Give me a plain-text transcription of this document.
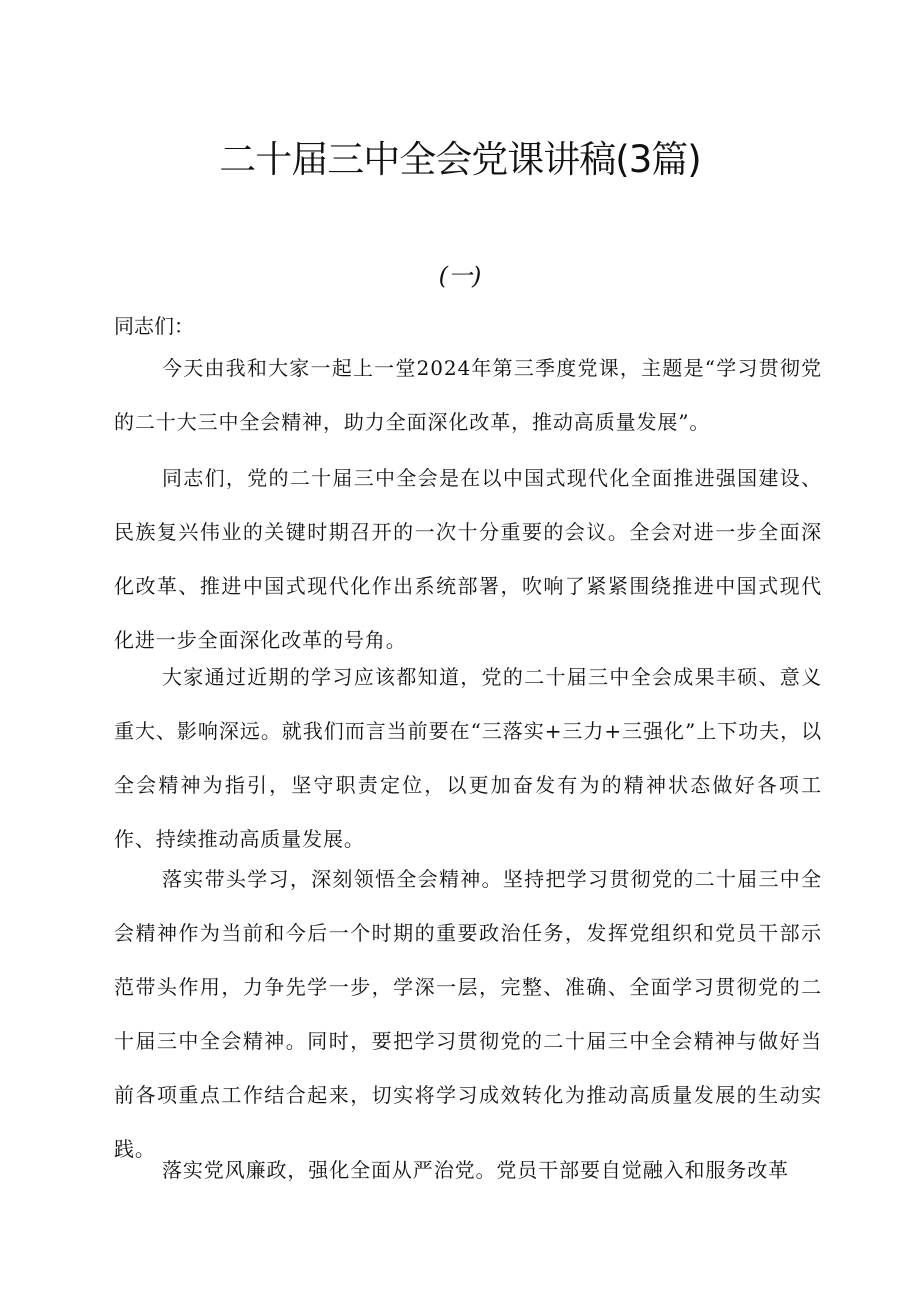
二十届三中全会党课讲稿(3篇)
(一)

同志们：

今天由我和大家一起上一堂2024年第三季度党课，主题是“学习贯彻党的二十大三中全会精神，助力全面深化改革，推动高质量发展”。

同志们，党的二十届三中全会是在以中国式现代化全面推进强国建设、民族复兴伟业的关键时期召开的一次十分重要的会议。全会对进一步全面深化改革、推进中国式现代化作出系统部署，吹响了紧紧围绕推进中国式现代化进一步全面深化改革的号角。

大家通过近期的学习应该都知道，党的二十届三中全会成果丰硕、意义重大、影响深远。就我们而言当前要在“三落实+三力+三强化”上下功夫，以全会精神为指引，坚守职责定位，以更加奋发有为的精神状态做好各项工作、持续推动高质量发展。

落实带头学习，深刻领悟全会精神。坚持把学习贯彻党的二十届三中全会精神作为当前和今后一个时期的重要政治任务，发挥党组织和党员干部示范带头作用，力争先学一步，学深一层，完整、准确、全面学习贯彻党的二十届三中全会精神。同时，要把学习贯彻党的二十届三中全会精神与做好当前各项重点工作结合起来，切实将学习成效转化为推动高质量发展的生动实践。

落实党风廉政，强化全面从严治党。党员干部要自觉融入和服务改革
